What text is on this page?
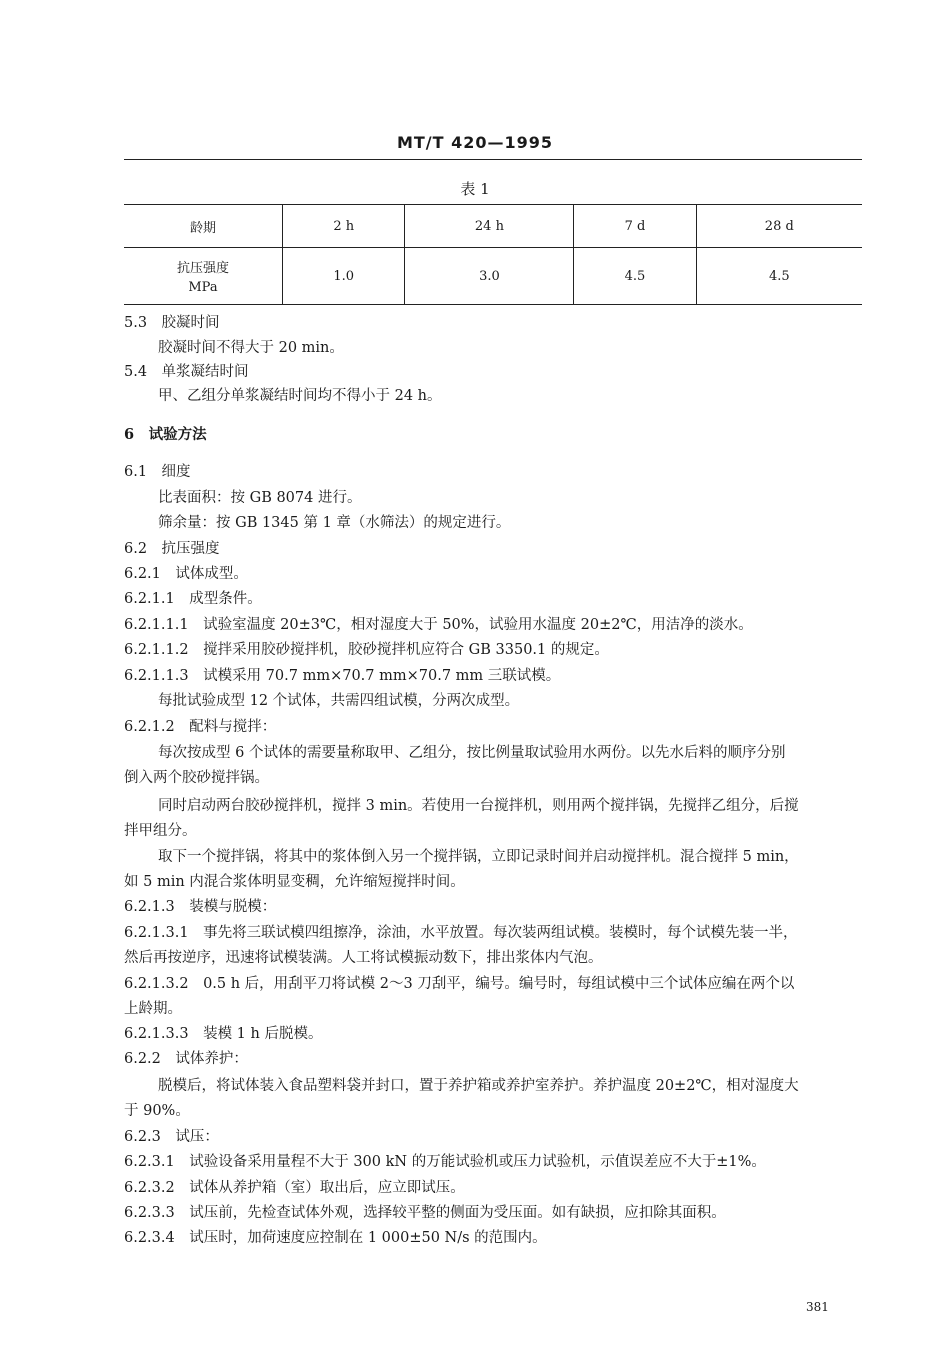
MT/T 420—1995
表 1
龄期	2 h	24 h	7 d	28 d

抗压强度
MPa	1.0	3.0	4.5	4.5
5.3　胶凝时间
胶凝时间不得大于 20 min。
5.4　单浆凝结时间
甲、乙组分单浆凝结时间均不得小于 24 h。
6　试验方法
6.1　细度
比表面积：按 GB 8074 进行。
筛余量：按 GB 1345 第 1 章（水筛法）的规定进行。
6.2　抗压强度
6.2.1　试体成型。
6.2.1.1　成型条件。
6.2.1.1.1　试验室温度 20±3℃，相对湿度大于 50%，试验用水温度 20±2℃，用洁净的淡水。
6.2.1.1.2　搅拌采用胶砂搅拌机，胶砂搅拌机应符合 GB 3350.1 的规定。
6.2.1.1.3　试模采用 70.7 mm×70.7 mm×70.7 mm 三联试模。
每批试验成型 12 个试体，共需四组试模，分两次成型。
6.2.1.2　配料与搅拌：
每次按成型 6 个试体的需要量称取甲、乙组分，按比例量取试验用水两份。以先水后料的顺序分别
倒入两个胶砂搅拌锅。
同时启动两台胶砂搅拌机，搅拌 3 min。若使用一台搅拌机，则用两个搅拌锅，先搅拌乙组分，后搅
拌甲组分。
取下一个搅拌锅，将其中的浆体倒入另一个搅拌锅，立即记录时间并启动搅拌机。混合搅拌 5 min，
如 5 min 内混合浆体明显变稠，允许缩短搅拌时间。
6.2.1.3　装模与脱模：
6.2.1.3.1　事先将三联试模四组擦净，涂油，水平放置。每次装两组试模。装模时，每个试模先装一半，
然后再按逆序，迅速将试模装满。人工将试模振动数下，排出浆体内气泡。
6.2.1.3.2　0.5 h 后，用刮平刀将试模 2～3 刀刮平，编号。编号时，每组试模中三个试体应编在两个以
上龄期。
6.2.1.3.3　装模 1 h 后脱模。
6.2.2　试体养护：
脱模后，将试体装入食品塑料袋并封口，置于养护箱或养护室养护。养护温度 20±2℃，相对湿度大
于 90%。
6.2.3　试压：
6.2.3.1　试验设备采用量程不大于 300 kN 的万能试验机或压力试验机，示值误差应不大于±1%。
6.2.3.2　试体从养护箱（室）取出后，应立即试压。
6.2.3.3　试压前，先检查试体外观，选择较平整的侧面为受压面。如有缺损，应扣除其面积。
6.2.3.4　试压时，加荷速度应控制在 1 000±50 N/s 的范围内。
381
